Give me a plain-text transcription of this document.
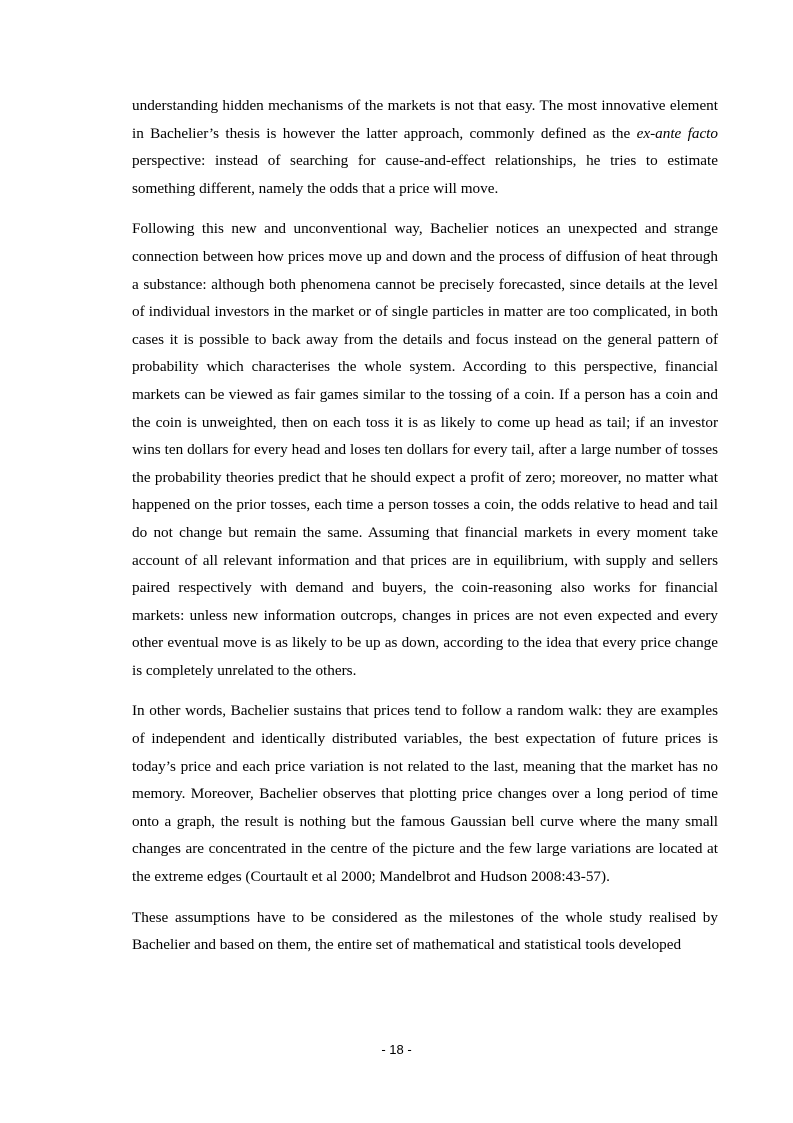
understanding hidden mechanisms of the markets is not that easy. The most innovative element in Bachelier’s thesis is however the latter approach, commonly defined as the ex-ante facto perspective: instead of searching for cause-and-effect relationships, he tries to estimate something different, namely the odds that a price will move.

Following this new and unconventional way, Bachelier notices an unexpected and strange connection between how prices move up and down and the process of diffusion of heat through a substance: although both phenomena cannot be precisely forecasted, since details at the level of individual investors in the market or of single particles in matter are too complicated, in both cases it is possible to back away from the details and focus instead on the general pattern of probability which characterises the whole system. According to this perspective, financial markets can be viewed as fair games similar to the tossing of a coin. If a person has a coin and the coin is unweighted, then on each toss it is as likely to come up head as tail; if an investor wins ten dollars for every head and loses ten dollars for every tail, after a large number of tosses the probability theories predict that he should expect a profit of zero; moreover, no matter what happened on the prior tosses, each time a person tosses a coin, the odds relative to head and tail do not change but remain the same. Assuming that financial markets in every moment take account of all relevant information and that prices are in equilibrium, with supply and sellers paired respectively with demand and buyers, the coin-reasoning also works for financial markets: unless new information outcrops, changes in prices are not even expected and every other eventual move is as likely to be up as down, according to the idea that every price change is completely unrelated to the others.

In other words, Bachelier sustains that prices tend to follow a random walk: they are examples of independent and identically distributed variables, the best expectation of future prices is today’s price and each price variation is not related to the last, meaning that the market has no memory. Moreover, Bachelier observes that plotting price changes over a long period of time onto a graph, the result is nothing but the famous Gaussian bell curve where the many small changes are concentrated in the centre of the picture and the few large variations are located at the extreme edges (Courtault et al 2000; Mandelbrot and Hudson 2008:43-57).

These assumptions have to be considered as the milestones of the whole study realised by Bachelier and based on them, the entire set of mathematical and statistical tools developed

- 18 -
